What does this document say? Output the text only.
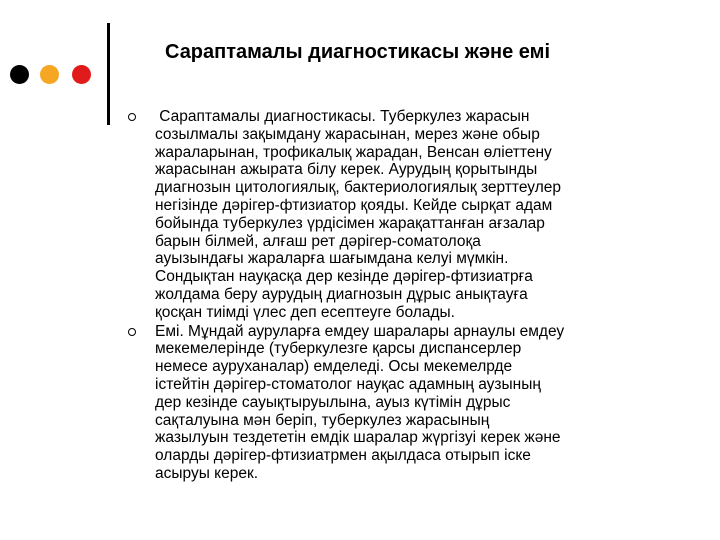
Сараптамалы диагностикасы және емі
Сараптамалы диагностикасы. Туберкулез жарасын
созылмалы зақымдану жарасынан, мерез және обыр
жараларынан, трофикалық жарадан, Венсан өліеттену
жарасынан ажырата білу керек. Аурудың қорытынды
диагнозын цитологиялық, бактериологиялық зерттеулер
негізінде дәрігер-фтизиатор қояды. Кейде сырқат адам
бойында туберкулез үрдісімен жарақаттанған ағзалар
барын білмей, алғаш рет дәрігер-соматолоқа
ауызындағы жараларға шағымдана келуі мүмкін.
Сондықтан науқасқа дер кезінде дәрігер-фтизиатрға
жолдама беру аурудың диагнозын дұрыс анықтауға
қосқан тиімді үлес деп есептеуге болады.
Емі. Мұндай ауруларға емдеу шаралары арнаулы емдеу
мекемелерінде (туберкулезге қарсы диспансерлер
немесе ауруханалар) емделеді. Осы мекемелрде
істейтін дәрігер-стоматолог науқас адамның аузының
дер кезінде сауықтыруылына, ауыз күтімін дұрыс
сақталуына мән беріп, туберкулез жарасының
жазылуын тездететін емдік шаралар жүргізуі керек және
оларды дәрігер-фтизиатрмен ақылдаса отырып іске
асыруы керек.
